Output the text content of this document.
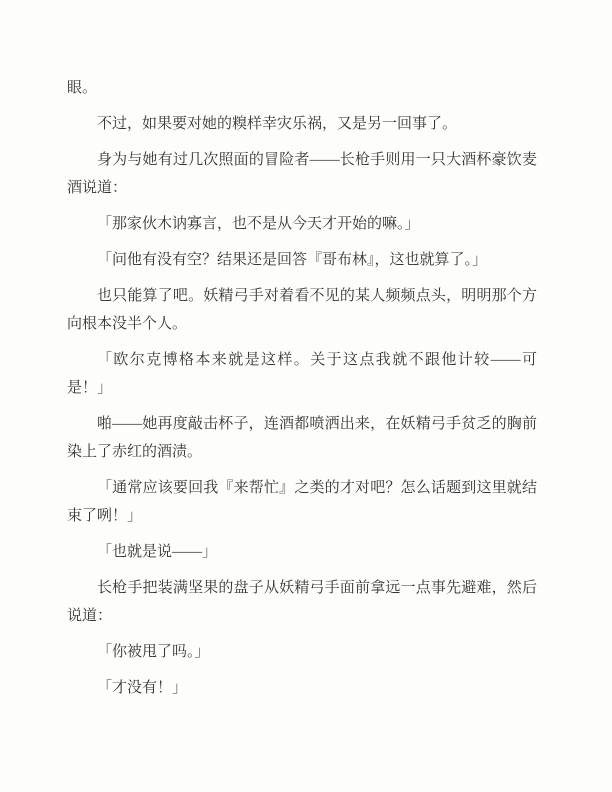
眼。

不过，如果要对她的糗样幸灾乐祸，又是另一回事了。

身为与她有过几次照面的冒险者——长枪手则用一只大酒杯豪饮麦酒说道：

「那家伙木讷寡言，也不是从今天才开始的嘛。」

「问他有没有空？结果还是回答『哥布林』，这也就算了。」

也只能算了吧。妖精弓手对着看不见的某人频频点头，明明那个方向根本没半个人。

「欧尔克博格本来就是这样。关于这点我就不跟他计较——可是！」

啪——她再度敲击杯子，连酒都喷洒出来，在妖精弓手贫乏的胸前染上了赤红的酒渍。

「通常应该要回我『来帮忙』之类的才对吧？怎么话题到这里就结束了咧！」

「也就是说——」

长枪手把装满坚果的盘子从妖精弓手面前拿远一点事先避难，然后说道：

「你被甩了吗。」

「才没有！」
